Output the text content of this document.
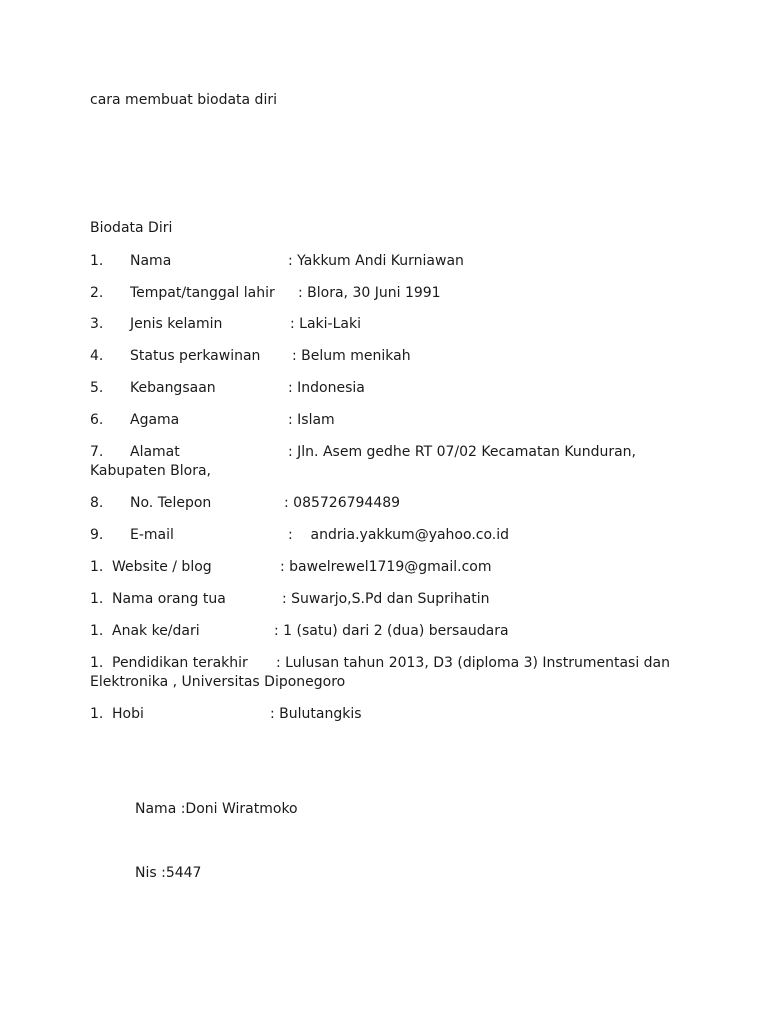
cara membuat biodata diri
Biodata Diri
1. Nama	: Yakkum Andi Kurniawan
2. Tempat/tanggal lahir : Blora, 30 Juni 1991
3. Jenis kelamin	: Laki-Laki
4. Status perkawinan : Belum menikah
5. Kebangsaan	: Indonesia
6. Agama	: Islam
7. Alamat	: Jln. Asem gedhe RT 07/02 Kecamatan Kunduran,
Kabupaten Blora,
8. No. Telepon	: 085726794489
9. E-mail	:    andria.yakkum@yahoo.co.id
1. Website / blog	: bawelrewel1719@gmail.com
1. Nama orang tua	: Suwarjo,S.Pd dan Suprihatin
1. Anak ke/dari	: 1 (satu) dari 2 (dua) bersaudara
1. Pendidikan terakhir : Lulusan tahun 2013, D3 (diploma 3) Instrumentasi dan
Elektronika , Universitas Diponegoro
1. Hobi	: Bulutangkis
Nama :Doni Wiratmoko
Nis :5447
